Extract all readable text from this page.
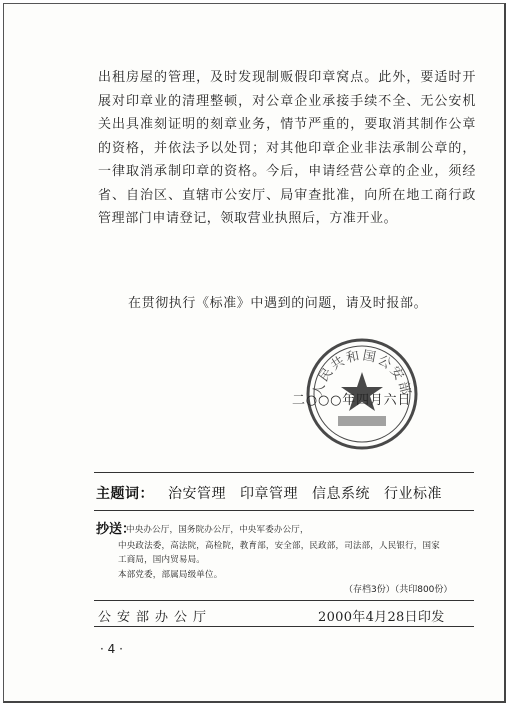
出租房屋的管理，及时发现制贩假印章窝点。此外，要适时开展对印章业的清理整顿，对公章企业承接手续不全、无公安机关出具准刻证明的刻章业务，情节严重的，要取消其制作公章的资格，并依法予以处罚；对其他印章企业非法承制公章的，一律取消承制印章的资格。今后，申请经营公章的企业，须经省、自治区、直辖市公安厅、局审查批准，向所在地工商行政管理部门申请登记，领取营业执照后，方准开业。

在贯彻执行《标准》中遇到的问题，请及时报部。
人民共和国公安部
二○○○年四月六日
主题词： 治安管理 印章管理 信息系统 行业标准
抄送：
中央办公厅，国务院办公厅，中央军委办公厅，
中央政法委，高法院，高检院，教育部，安全部，民政部，司法部，人民银行，国家
工商局，国内贸易局。
本部党委，部属局级单位。
（存档3份）（共印800份）
公安部办公厅	2000年4月28日印发
· 4 ·
